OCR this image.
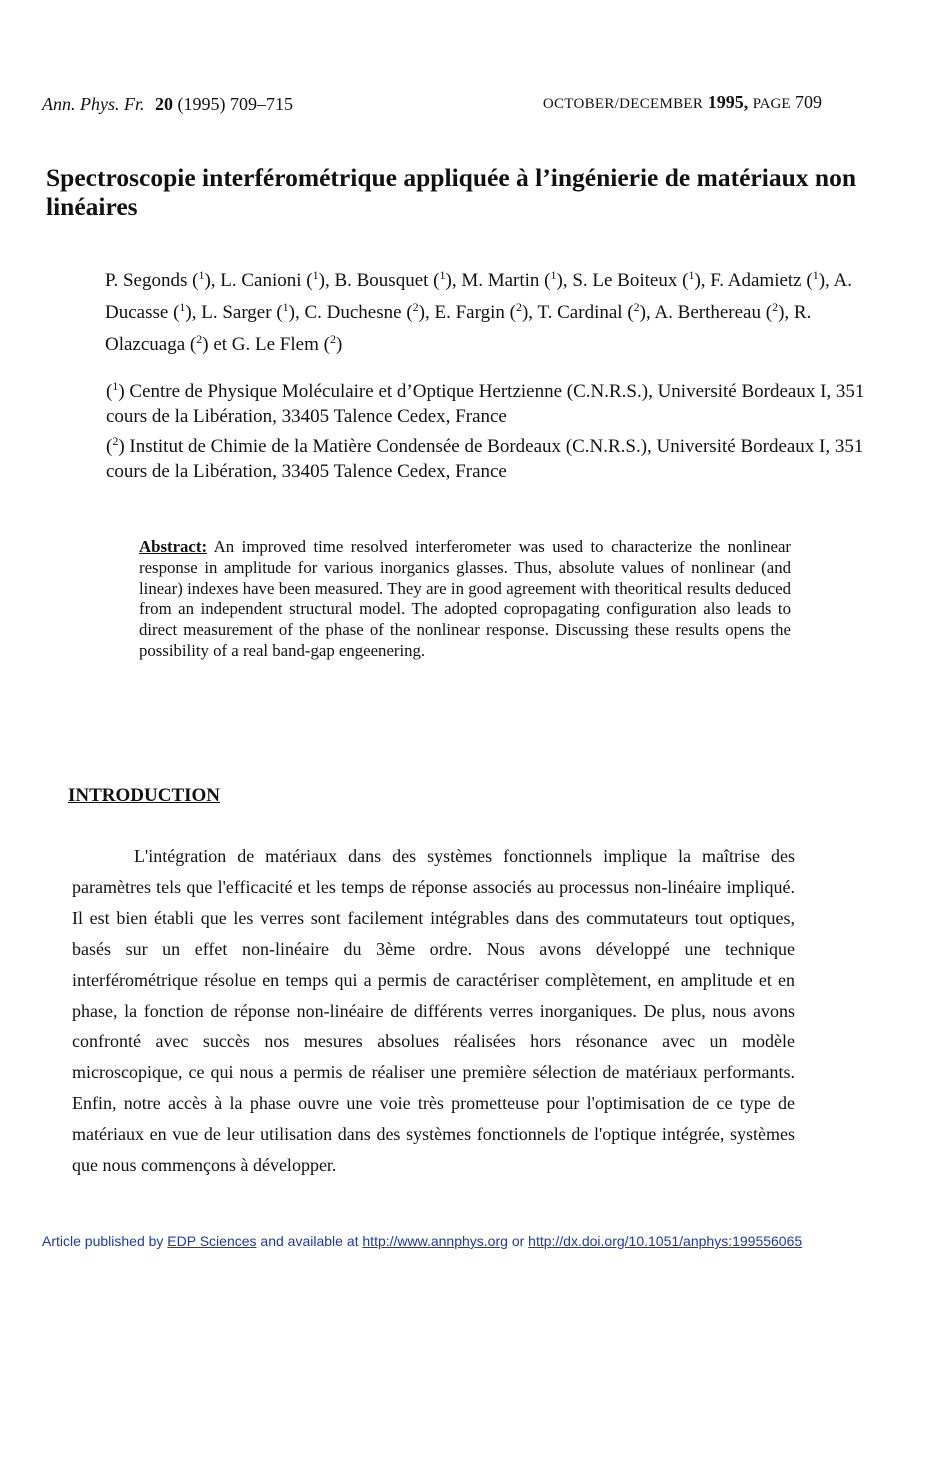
Ann. Phys. Fr. 20 (1995) 709–715	OCTOBER/DECEMBER 1995, PAGE 709
Spectroscopie interférométrique appliquée à l’ingénierie de matériaux non linéaires
P. Segonds ($^1$), L. Canioni ($^1$), B. Bousquet ($^1$), M. Martin ($^1$), S. Le Boiteux ($^1$), F. Adamietz ($^1$), A. Ducasse ($^1$), L. Sarger ($^1$), C. Duchesne ($^2$), E. Fargin ($^2$), T. Cardinal ($^2$), A. Berthereau ($^2$), R. Olazcuaga ($^2$) et G. Le Flem ($^2$)
($^1$) Centre de Physique Moléculaire et d’Optique Hertzienne (C.N.R.S.), Université Bordeaux I, 351 cours de la Libération, 33405 Talence Cedex, France
($^2$) Institut de Chimie de la Matière Condensée de Bordeaux (C.N.R.S.), Université Bordeaux I, 351 cours de la Libération, 33405 Talence Cedex, France
Abstract: An improved time resolved interferometer was used to characterize the nonlinear response in amplitude for various inorganics glasses. Thus, absolute values of nonlinear (and linear) indexes have been measured. They are in good agreement with theoritical results deduced from an independent structural model. The adopted copropagating configuration also leads to direct measurement of the phase of the nonlinear response. Discussing these results opens the possibility of a real band-gap engeenering.
INTRODUCTION

L'intégration de matériaux dans des systèmes fonctionnels implique la maîtrise des paramètres tels que l'efficacité et les temps de réponse associés au processus non-linéaire impliqué. Il est bien établi que les verres sont facilement intégrables dans des commutateurs tout optiques, basés sur un effet non-linéaire du 3ème ordre. Nous avons développé une technique interférométrique résolue en temps qui a permis de caractériser complètement, en amplitude et en phase, la fonction de réponse non-linéaire de différents verres inorganiques. De plus, nous avons confronté avec succès nos mesures absolues réalisées hors résonance avec un modèle microscopique, ce qui nous a permis de réaliser une première sélection de matériaux performants. Enfin, notre accès à la phase ouvre une voie très prometteuse pour l'optimisation de ce type de matériaux en vue de leur utilisation dans des systèmes fonctionnels de l'optique intégrée, systèmes que nous commençons à développer.

Article published by EDP Sciences and available at http://www.annphys.org or http://dx.doi.org/10.1051/anphys:199556065
